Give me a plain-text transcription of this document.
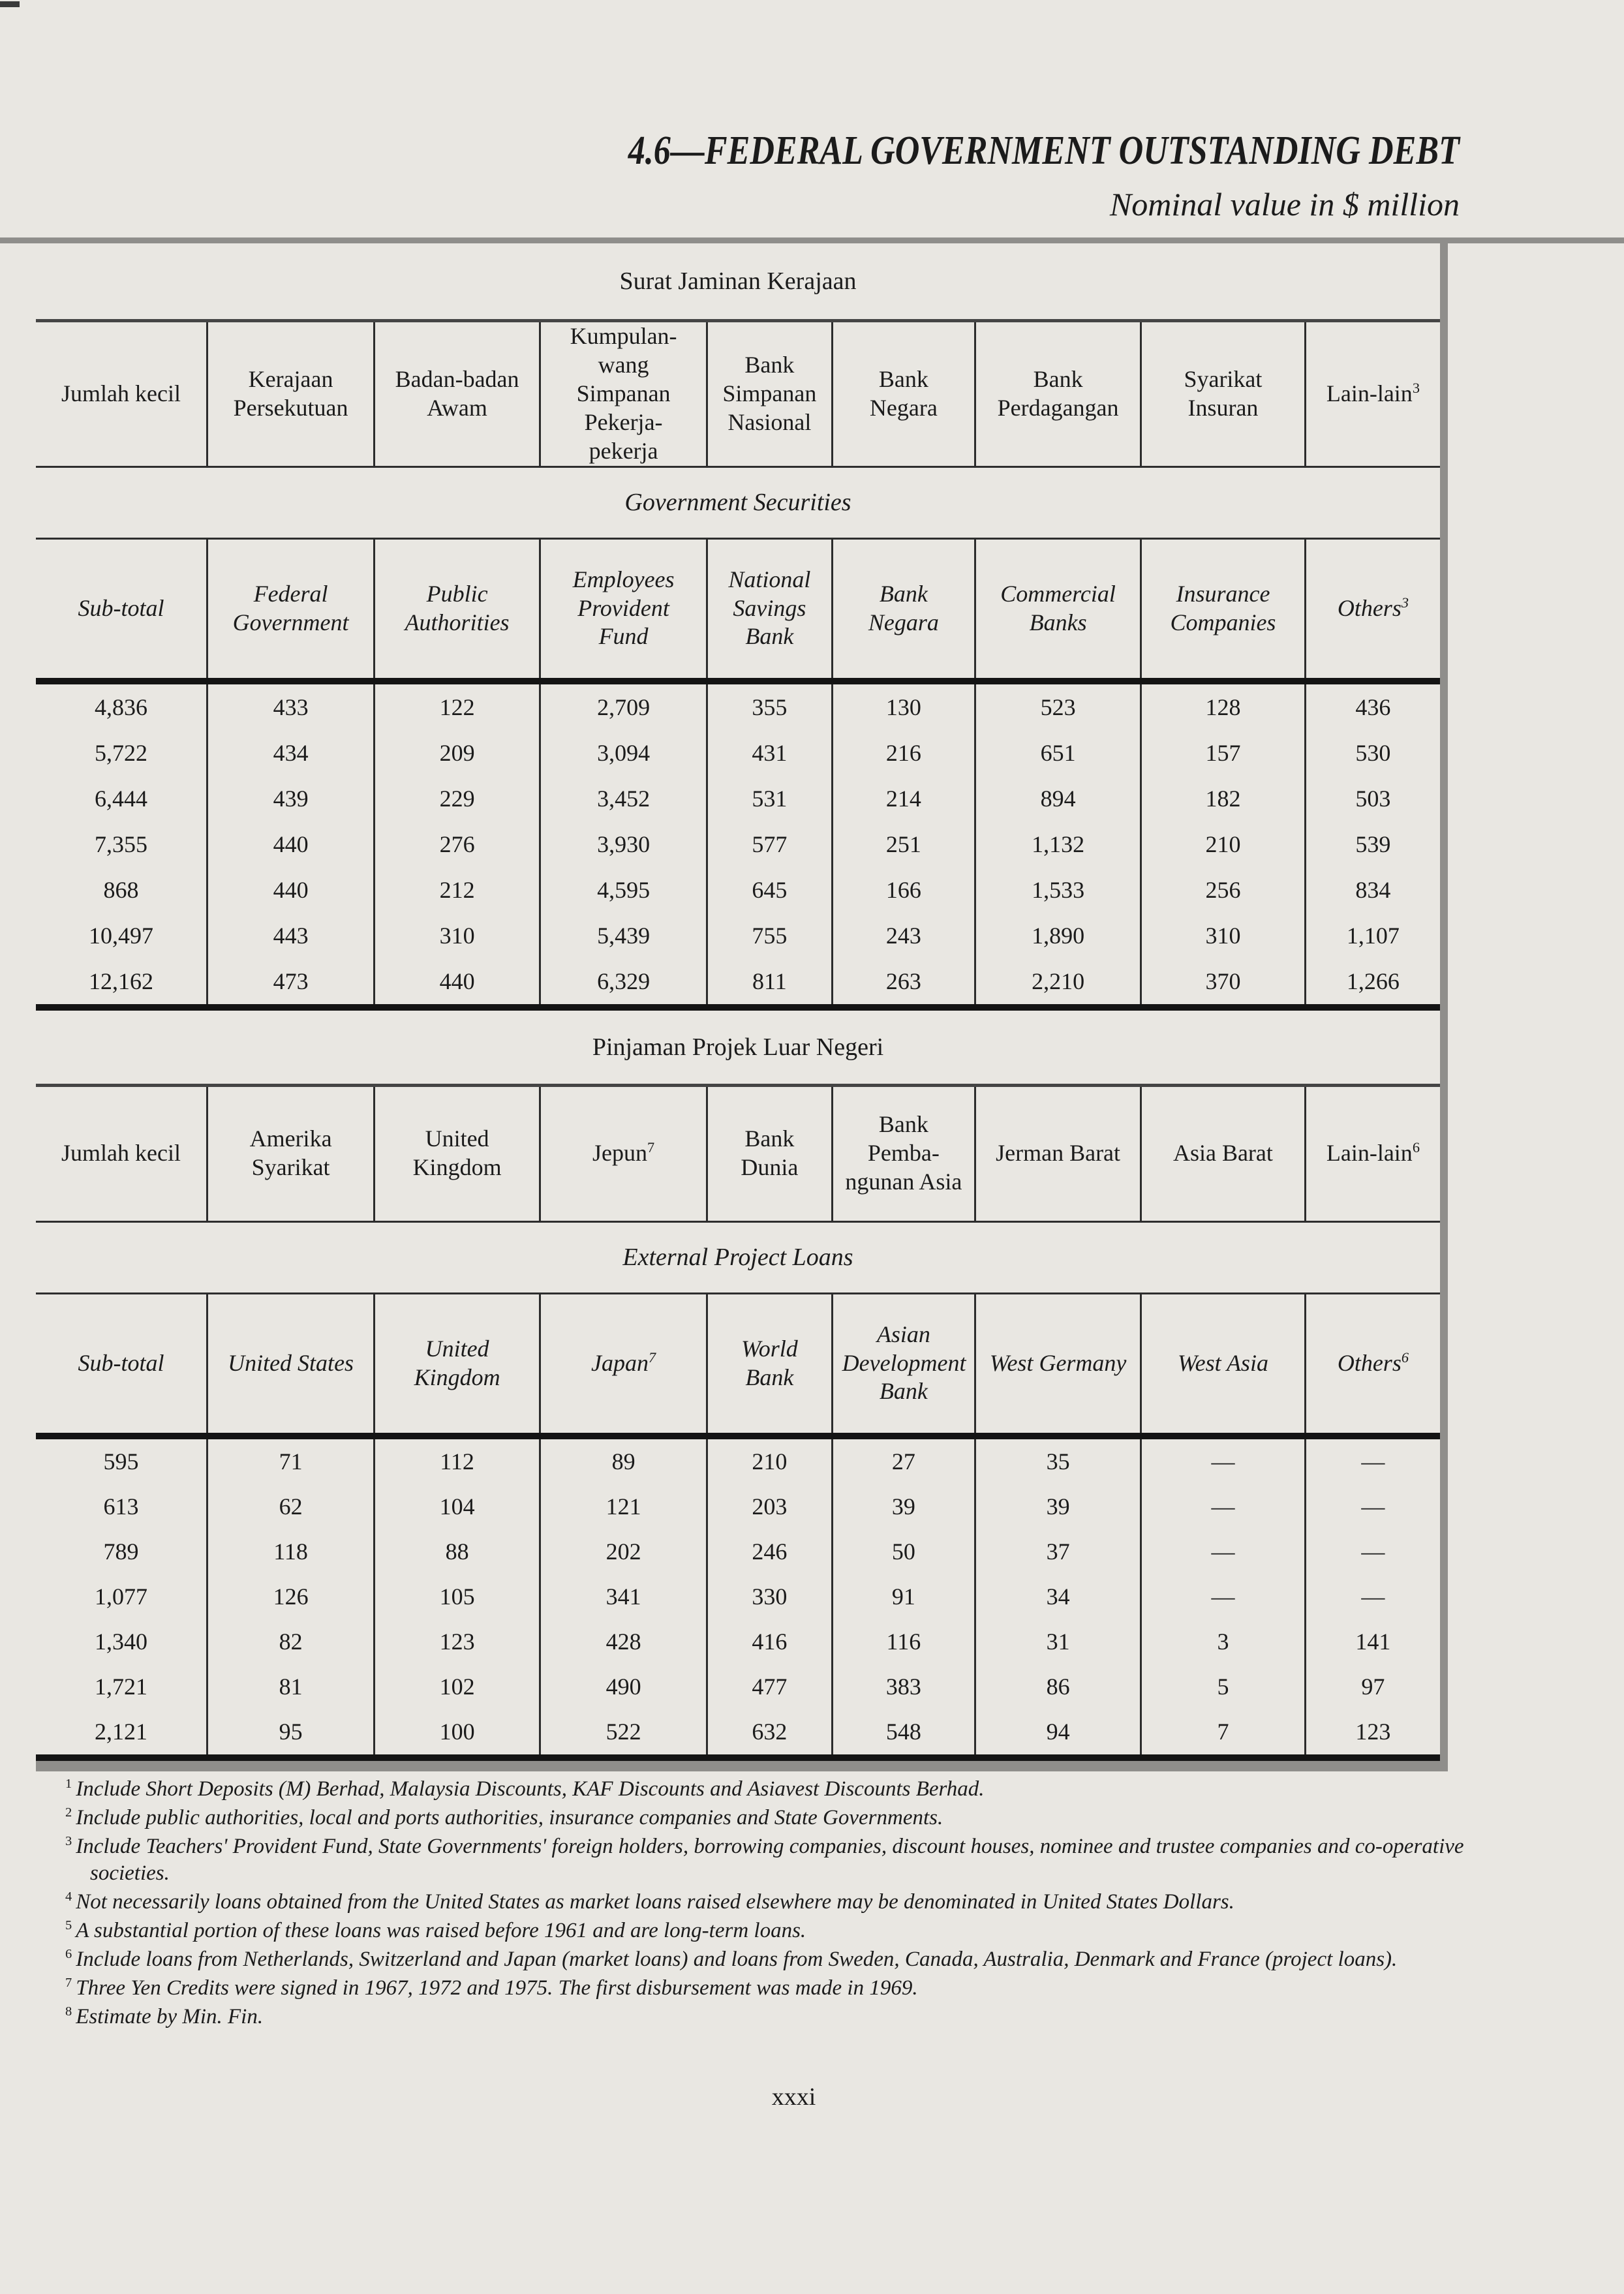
4.6—FEDERAL GOVERNMENT OUTSTANDING DEBT
Nominal value in $ million
Surat Jaminan Kerajaan
Jumlah kecil	Kerajaan Persekutuan	Badan-badan Awam	Kumpulan-wang Simpanan Pekerja-pekerja	Bank Simpanan Nasional	Bank Negara	Bank Perdagangan	Syarikat Insuran	Lain-lain$^3$
Government Securities
Sub-total	Federal Government	Public Authorities	Employees Provident Fund	National Savings Bank	Bank Negara	Commercial Banks	Insurance Companies	Others$^3$
4,836	433	122	2,709	355	130	523	128	436
5,722	434	209	3,094	431	216	651	157	530
6,444	439	229	3,452	531	214	894	182	503
7,355	440	276	3,930	577	251	1,132	210	539
868	440	212	4,595	645	166	1,533	256	834
10,497	443	310	5,439	755	243	1,890	310	1,107
12,162	473	440	6,329	811	263	2,210	370	1,266
Pinjaman Projek Luar Negeri
Jumlah kecil	Amerika Syarikat	United Kingdom	Jepun$^7$	Bank Dunia	Bank Pemba-ngunan Asia	Jerman Barat	Asia Barat	Lain-lain$^6$
External Project Loans
Sub-total	United States	United Kingdom	Japan$^7$	World Bank	Asian Development Bank	West Germany	West Asia	Others$^6$
595	71	112	89	210	27	35	—	—
613	62	104	121	203	39	39	—	—
789	118	88	202	246	50	37	—	—
1,077	126	105	341	330	91	34	—	—
1,340	82	123	428	416	116	31	3	141
1,721	81	102	490	477	383	86	5	97
2,121	95	100	522	632	548	94	7	123
$^1$ Include Short Deposits (M) Berhad, Malaysia Discounts, KAF Discounts and Asiavest Discounts Berhad.
$^2$ Include public authorities, local and ports authorities, insurance companies and State Governments.
$^3$ Include Teachers' Provident Fund, State Governments' foreign holders, borrowing companies, discount houses, nominee and trustee companies and co-operative societies.
$^4$ Not necessarily loans obtained from the United States as market loans raised elsewhere may be denominated in United States Dollars.
$^5$ A substantial portion of these loans was raised before 1961 and are long-term loans.
$^6$ Include loans from Netherlands, Switzerland and Japan (market loans) and loans from Sweden, Canada, Australia, Denmark and France (project loans).
$^7$ Three Yen Credits were signed in 1967, 1972 and 1975. The first disbursement was made in 1969.
$^8$ Estimate by Min. Fin.
xxxi
